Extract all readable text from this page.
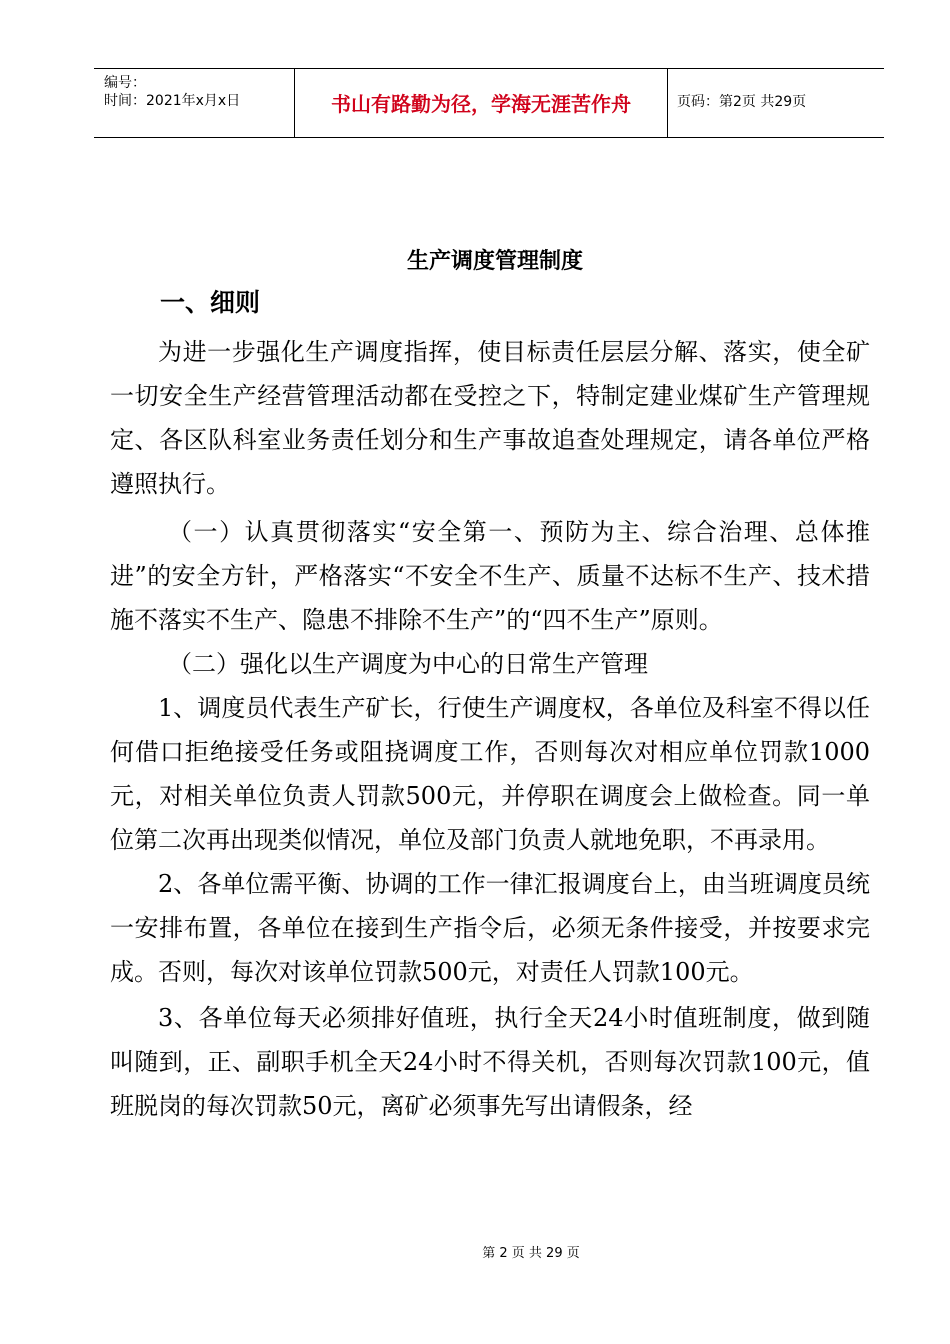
编号：
时间：2021年x月x日	书山有路勤为径，学海无涯苦作舟	页码：第2页 共29页
生产调度管理制度
一、细则

为进一步强化生产调度指挥，使目标责任层层分解、落实，使全矿一切安全生产经营管理活动都在受控之下，特制定建业煤矿生产管理规定、各区队科室业务责任划分和生产事故追查处理规定，请各单位严格遵照执行。

（一）认真贯彻落实“安全第一、预防为主、综合治理、总体推进”的安全方针，严格落实“不安全不生产、质量不达标不生产、技术措施不落实不生产、隐患不排除不生产”的“四不生产”原则。

（二）强化以生产调度为中心的日常生产管理

1、调度员代表生产矿长，行使生产调度权，各单位及科室不得以任何借口拒绝接受任务或阻挠调度工作，否则每次对相应单位罚款1000元，对相关单位负责人罚款500元，并停职在调度会上做检查。同一单位第二次再出现类似情况，单位及部门负责人就地免职，不再录用。

2、各单位需平衡、协调的工作一律汇报调度台上，由当班调度员统一安排布置，各单位在接到生产指令后，必须无条件接受，并按要求完成。否则，每次对该单位罚款500元，对责任人罚款100元。

3、各单位每天必须排好值班，执行全天24小时值班制度，做到随叫随到，正、副职手机全天24小时不得关机，否则每次罚款100元，值班脱岗的每次罚款50元，离矿必须事先写出请假条，经

第 2 页 共 29 页
